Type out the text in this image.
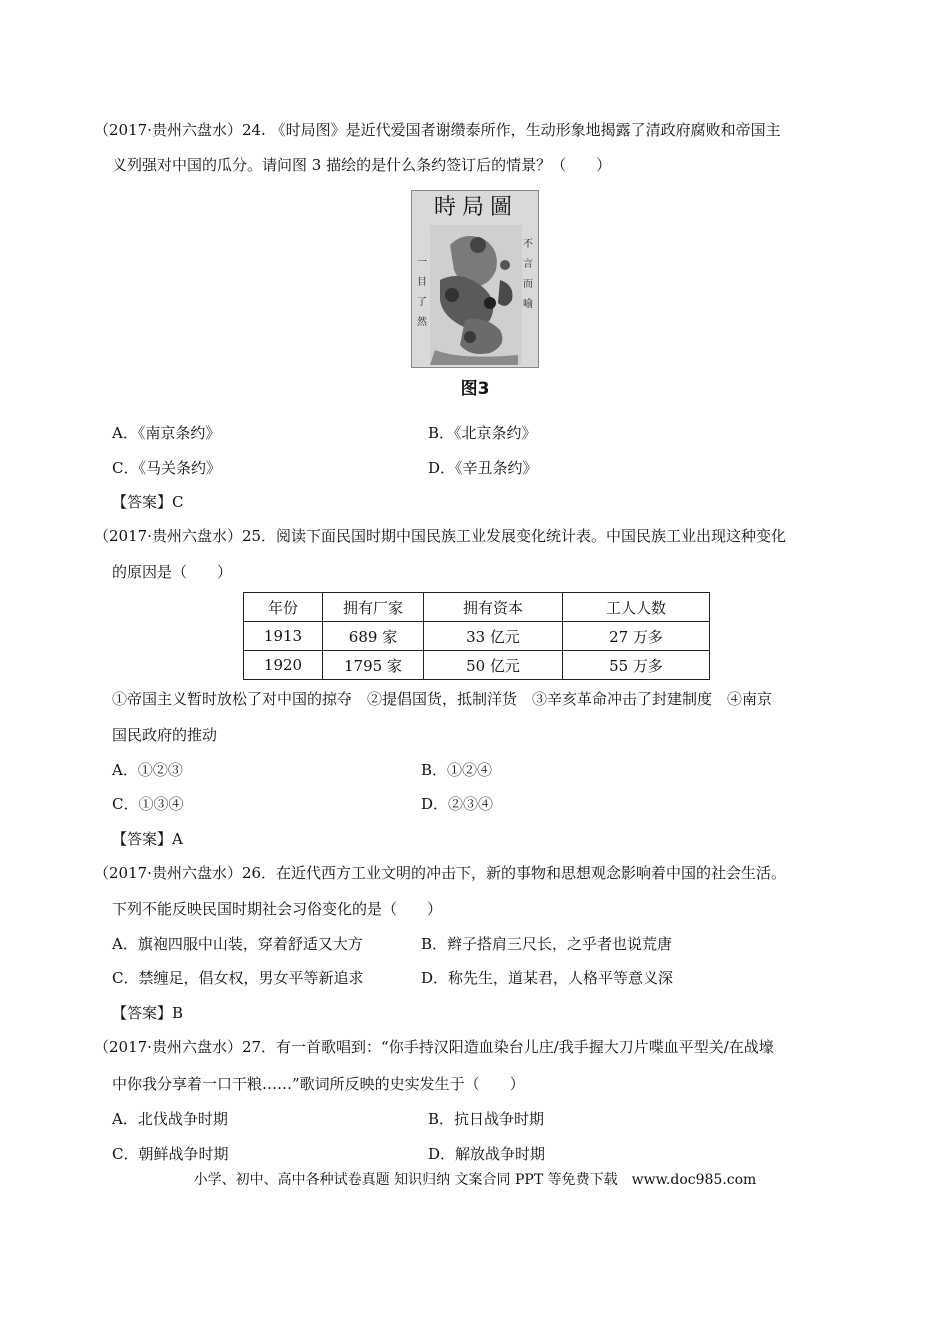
（2017·贵州六盘水）24. 《时局图》是近代爱国者谢缵泰所作，生动形象地揭露了清政府腐败和帝国主
义列强对中国的瓜分。请问图 3 描绘的是什么条约签订后的情景？（　　）
時局圖
一
目
了
然
不
言
而
喻
图3
A．《南京条约》	B．《北京条约》
C．《马关条约》	D．《辛丑条约》
【答案】C
（2017·贵州六盘水）25．阅读下面民国时期中国民族工业发展变化统计表。中国民族工业出现这种变化
的原因是（　　）
年份	拥有厂家	拥有资本	工人人数
1913	689 家	33 亿元	27 万多
1920	1795 家	50 亿元	55 万多
①帝国主义暂时放松了对中国的掠夺　②提倡国货，抵制洋货　③辛亥革命冲击了封建制度　④南京
国民政府的推动
A．①②③	B．①②④
C．①③④	D．②③④
【答案】A
（2017·贵州六盘水）26．在近代西方工业文明的冲击下，新的事物和思想观念影响着中国的社会生活。
下列不能反映民国时期社会习俗变化的是（　　）
A．旗袍四服中山装，穿着舒适又大方	B．辫子搭肩三尺长，之乎者也说荒唐
C．禁缠足，倡女权，男女平等新追求	D．称先生，道某君，人格平等意义深
【答案】B
（2017·贵州六盘水）27．有一首歌唱到：“你手持汉阳造血染台儿庄/我手握大刀片喋血平型关/在战壕
中你我分享着一口干粮……”歌词所反映的史实发生于（　　）
A．北伐战争时期	B．抗日战争时期
C．朝鲜战争时期	D．解放战争时期
小学、初中、高中各种试卷真题 知识归纳 文案合同 PPT 等免费下载　www.doc985.com
